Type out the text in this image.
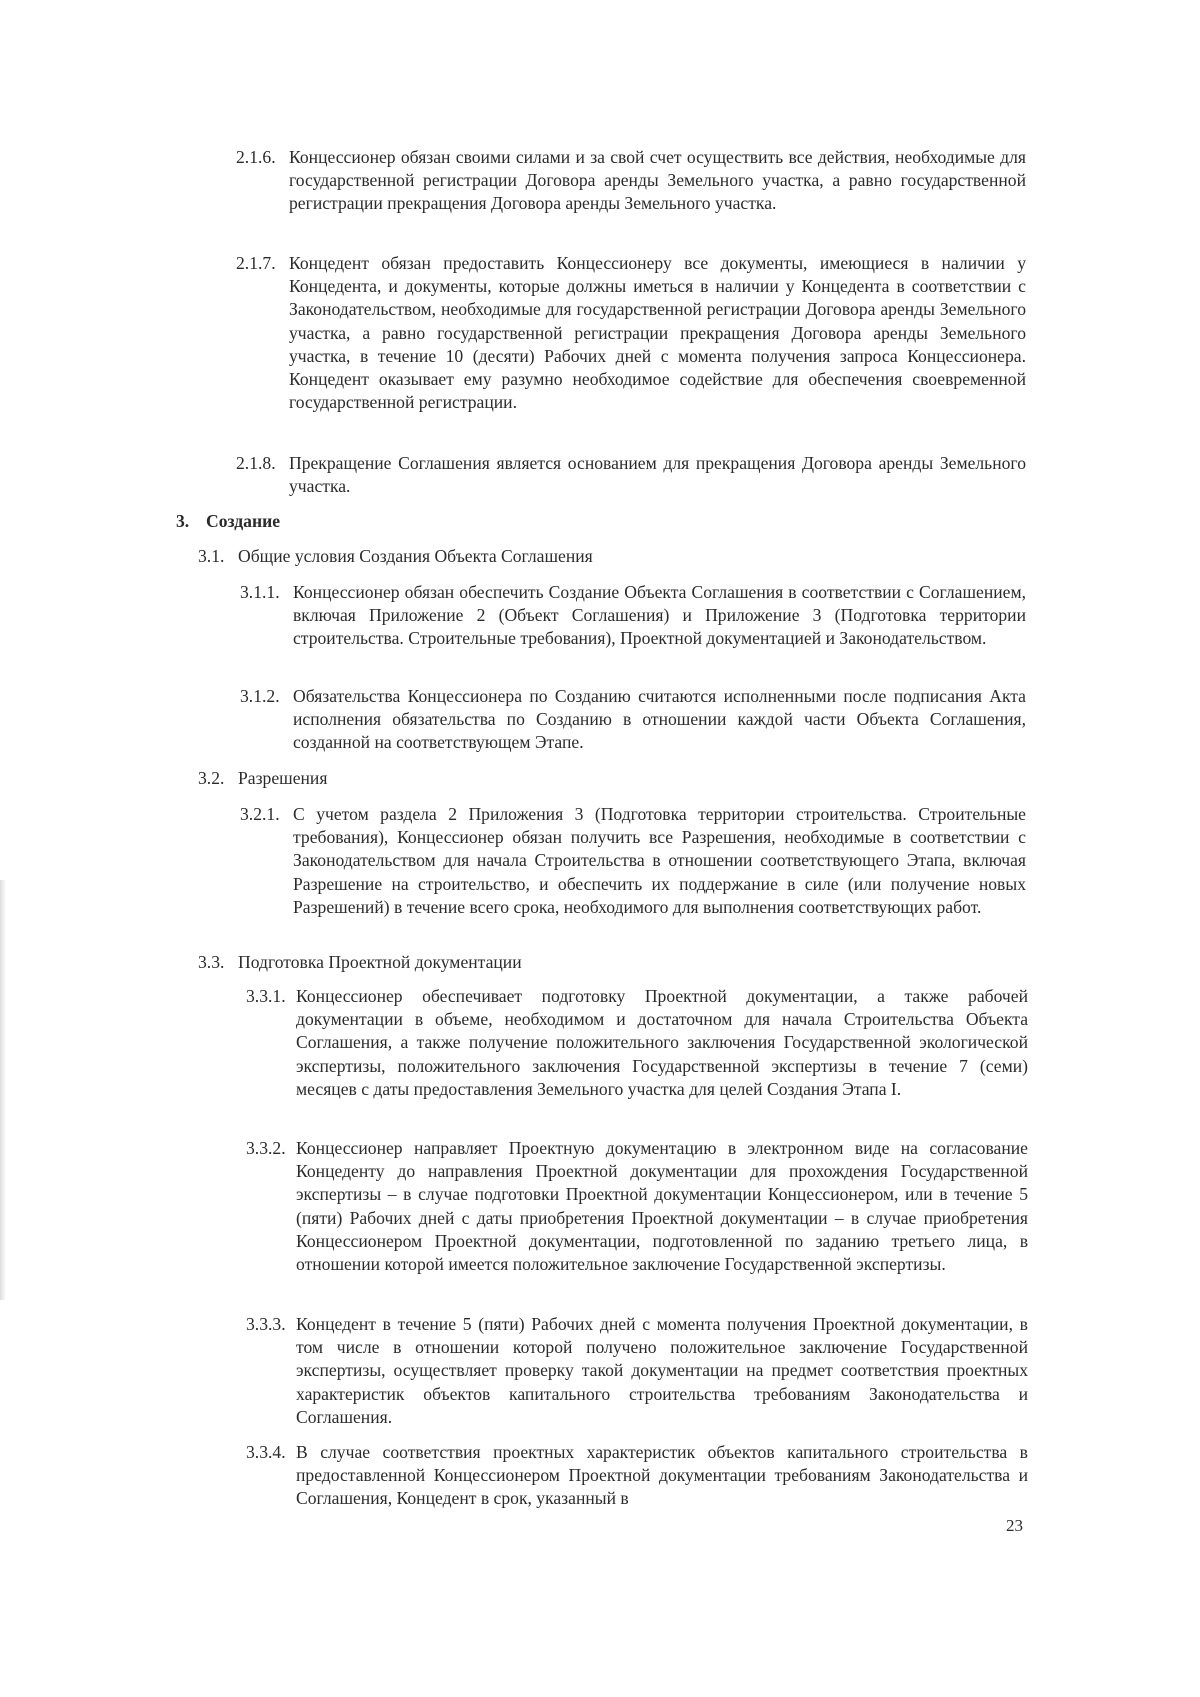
2.1.6. Концессионер обязан своими силами и за свой счет осуществить все действия, необходимые для государственной регистрации Договора аренды Земельного участка, а равно государственной регистрации прекращения Договора аренды Земельного участка.
2.1.7. Концедент обязан предоставить Концессионеру все документы, имеющиеся в наличии у Концедента, и документы, которые должны иметься в наличии у Концедента в соответствии с Законодательством, необходимые для государственной регистрации Договора аренды Земельного участка, а равно государственной регистрации прекращения Договора аренды Земельного участка, в течение 10 (десяти) Рабочих дней с момента получения запроса Концессионера. Концедент оказывает ему разумно необходимое содействие для обеспечения своевременной государственной регистрации.
2.1.8. Прекращение Соглашения является основанием для прекращения Договора аренды Земельного участка.
3. Создание
3.1. Общие условия Создания Объекта Соглашения
3.1.1. Концессионер обязан обеспечить Создание Объекта Соглашения в соответствии с Соглашением, включая Приложение 2 (Объект Соглашения) и Приложение 3 (Подготовка территории строительства. Строительные требования), Проектной документацией и Законодательством.
3.1.2. Обязательства Концессионера по Созданию считаются исполненными после подписания Акта исполнения обязательства по Созданию в отношении каждой части Объекта Соглашения, созданной на соответствующем Этапе.
3.2. Разрешения
3.2.1. С учетом раздела 2 Приложения 3 (Подготовка территории строительства. Строительные требования), Концессионер обязан получить все Разрешения, необходимые в соответствии с Законодательством для начала Строительства в отношении соответствующего Этапа, включая Разрешение на строительство, и обеспечить их поддержание в силе (или получение новых Разрешений) в течение всего срока, необходимого для выполнения соответствующих работ.
3.3. Подготовка Проектной документации
3.3.1. Концессионер обеспечивает подготовку Проектной документации, а также рабочей документации в объеме, необходимом и достаточном для начала Строительства Объекта Соглашения, а также получение положительного заключения Государственной экологической экспертизы, положительного заключения Государственной экспертизы в течение 7 (семи) месяцев с даты предоставления Земельного участка для целей Создания Этапа I.
3.3.2. Концессионер направляет Проектную документацию в электронном виде на согласование Концеденту до направления Проектной документации для прохождения Государственной экспертизы – в случае подготовки Проектной документации Концессионером, или в течение 5 (пяти) Рабочих дней с даты приобретения Проектной документации – в случае приобретения Концессионером Проектной документации, подготовленной по заданию третьего лица, в отношении которой имеется положительное заключение Государственной экспертизы.
3.3.3. Концедент в течение 5 (пяти) Рабочих дней с момента получения Проектной документации, в том числе в отношении которой получено положительное заключение Государственной экспертизы, осуществляет проверку такой документации на предмет соответствия проектных характеристик объектов капитального строительства требованиям Законодательства и Соглашения.
3.3.4. В случае соответствия проектных характеристик объектов капитального строительства в предоставленной Концессионером Проектной документации требованиям Законодательства и Соглашения, Концедент в срок, указанный в
23
